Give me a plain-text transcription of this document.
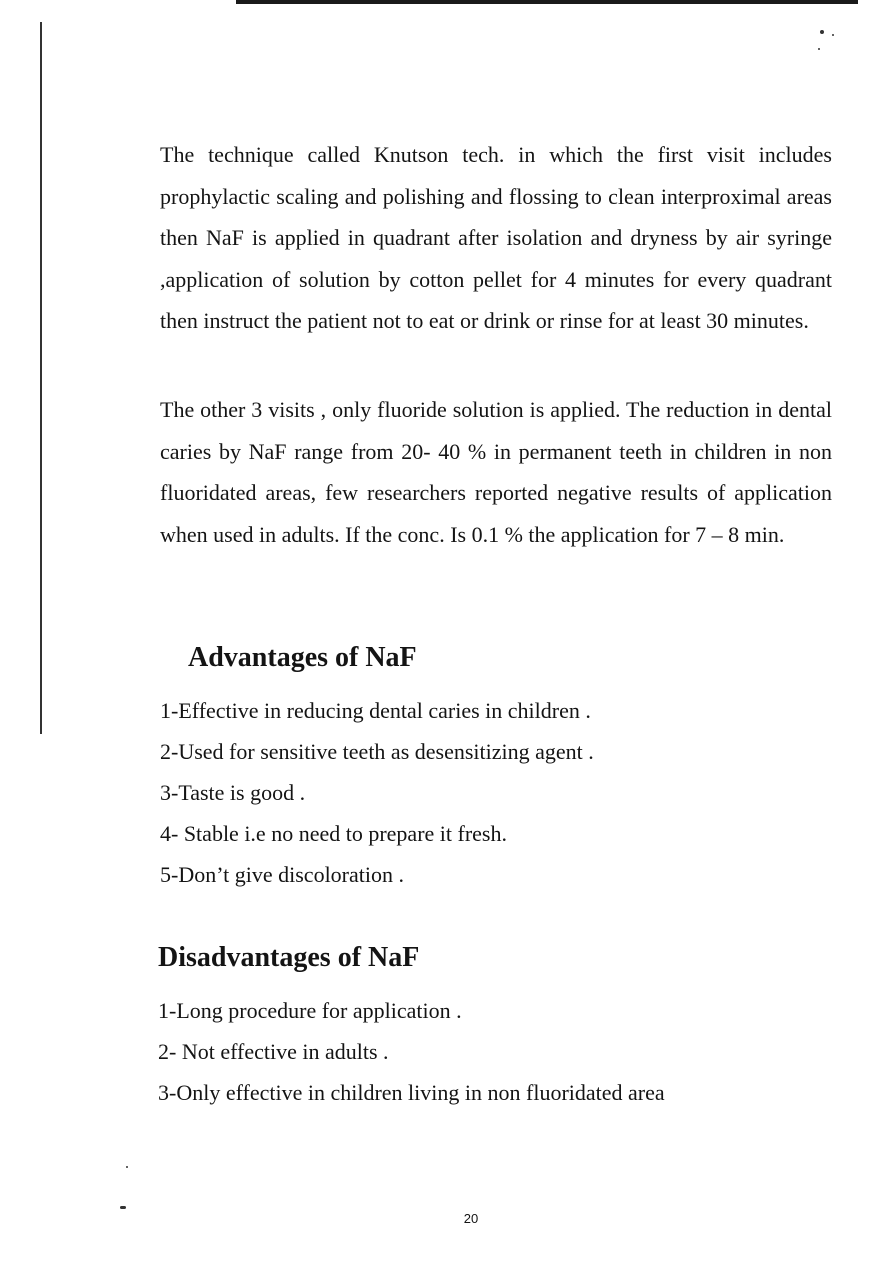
The technique called Knutson tech. in which the first visit includes prophylactic scaling and polishing and flossing to clean interproximal areas then NaF is applied in quadrant after isolation and dryness by air syringe ,application of solution by cotton pellet for 4 minutes for every quadrant then instruct the patient not to eat or drink or rinse for at least 30 minutes.

The other 3 visits , only fluoride solution is applied. The reduction in dental caries by NaF range from 20- 40 % in permanent teeth in children in non fluoridated areas, few researchers reported negative results of application when used in adults. If the conc. Is 0.1 % the application for 7 – 8 min.

Advantages of NaF
1-Effective in reducing dental caries in children .
2-Used for sensitive teeth as desensitizing agent .
3-Taste is good .
4- Stable i.e no need to prepare it fresh.
5-Don’t give discoloration .
Disadvantages of NaF
1-Long procedure for application .
2- Not effective in adults .
3-Only effective in children living in non fluoridated area
20
